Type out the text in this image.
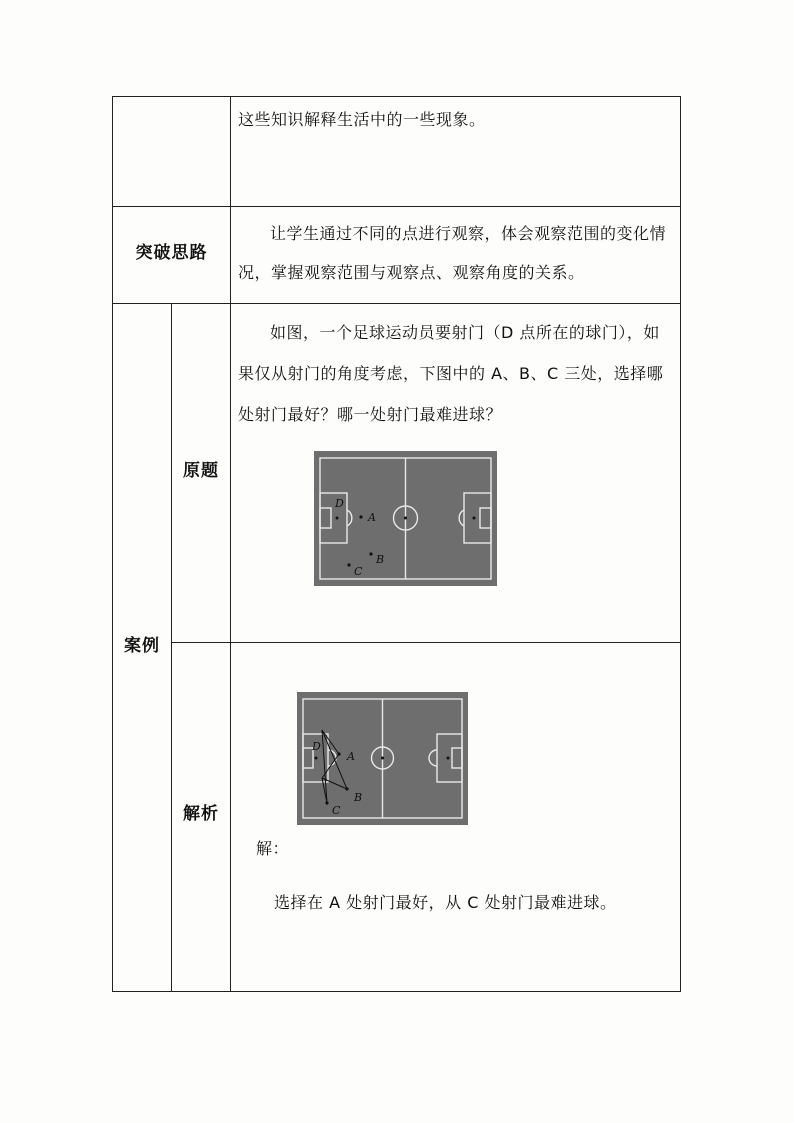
这些知识解释生活中的一些现象。
突破思路
让学生通过不同的点进行观察，体会观察范围的变化情况，掌握观察范围与观察点、观察角度的关系。
案例
原题
如图，一个足球运动员要射门（D 点所在的球门），如果仅从射门的角度考虑，下图中的 A、B、C 三处，选择哪处射门最好？哪一处射门最难进球？
D
A
B
C
解析
D
A
B
C
解：
选择在 A 处射门最好，从 C 处射门最难进球。
